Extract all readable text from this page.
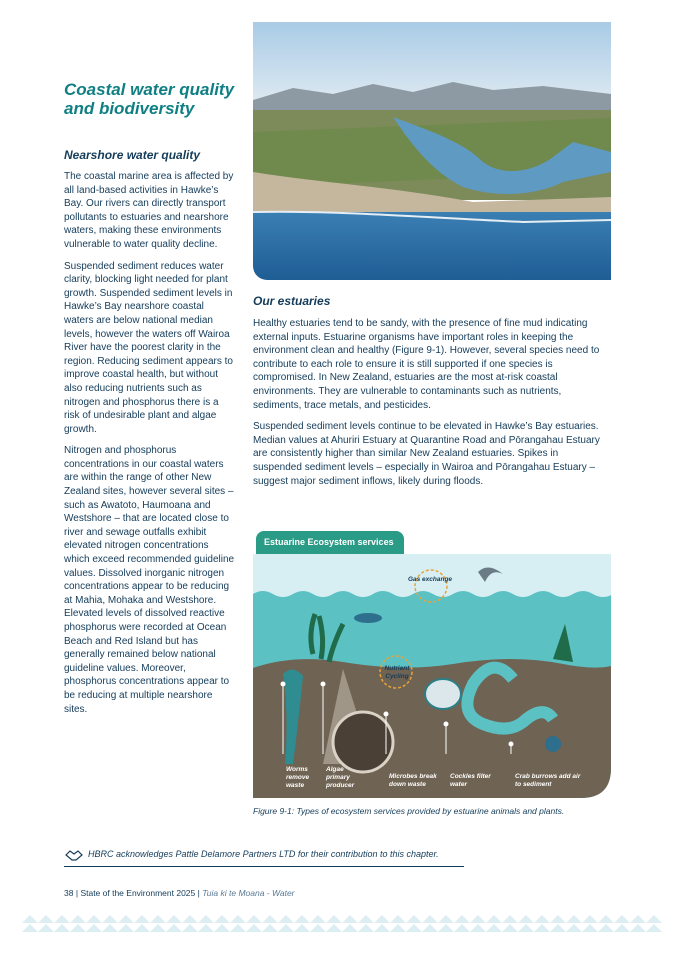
Coastal water quality and biodiversity
Nearshore water quality

The coastal marine area is affected by all land-based activities in Hawke’s Bay. Our rivers can directly transport pollutants to estuaries and nearshore waters, making these environments vulnerable to water quality decline.

Suspended sediment reduces water clarity, blocking light needed for plant growth. Suspended sediment levels in Hawke’s Bay nearshore coastal waters are below national median levels, however the waters off Wairoa River have the poorest clarity in the region. Reducing sediment appears to improve coastal health, but without also reducing nutrients such as nitrogen and phosphorus there is a risk of undesirable plant and algae growth.

Nitrogen and phosphorus concentrations in our coastal waters are within the range of other New Zealand sites, however several sites – such as Awatoto, Haumoana and Westshore – that are located close to river and sewage outfalls exhibit elevated nitrogen concentrations which exceed recommended guideline values. Dissolved inorganic nitrogen concentrations appear to be reducing at Mahia, Mohaka and Westshore. Elevated levels of dissolved reactive phosphorus were recorded at Ocean Beach and Red Island but has generally remained below national guideline values. Moreover, phosphorus concentrations appear to be reducing at multiple nearshore sites.

Our estuaries

Healthy estuaries tend to be sandy, with the presence of fine mud indicating external inputs. Estuarine organisms have important roles in keeping the environment clean and healthy (Figure 9-1). However, several species need to contribute to each role to ensure it is still supported if one species is compromised. In New Zealand, estuaries are the most at-risk coastal environments. They are vulnerable to contaminants such as nutrients, sediments, trace metals, and pesticides.

Suspended sediment levels continue to be elevated in Hawke’s Bay estuaries. Median values at Ahuriri Estuary at Quarantine Road and Pōrangahau Estuary are consistently higher than similar New Zealand estuaries. Spikes in suspended sediment levels – especially in Wairoa and Pōrangahau Estuary – suggest major sediment inflows, likely during floods.

Estuarine Ecosystem services
Gas exchange
Nutrient Cycling
Worms remove waste
Algae primary producer
Microbes break down waste
Cockles filter water
Crab burrows add air to sediment
Figure 9-1: Types of ecosystem services provided by estuarine animals and plants.
HBRC acknowledges Pattle Delamore Partners LTD for their contribution to this chapter.
38 | State of the Environment 2025 | Tuia ki te Moana - Water
